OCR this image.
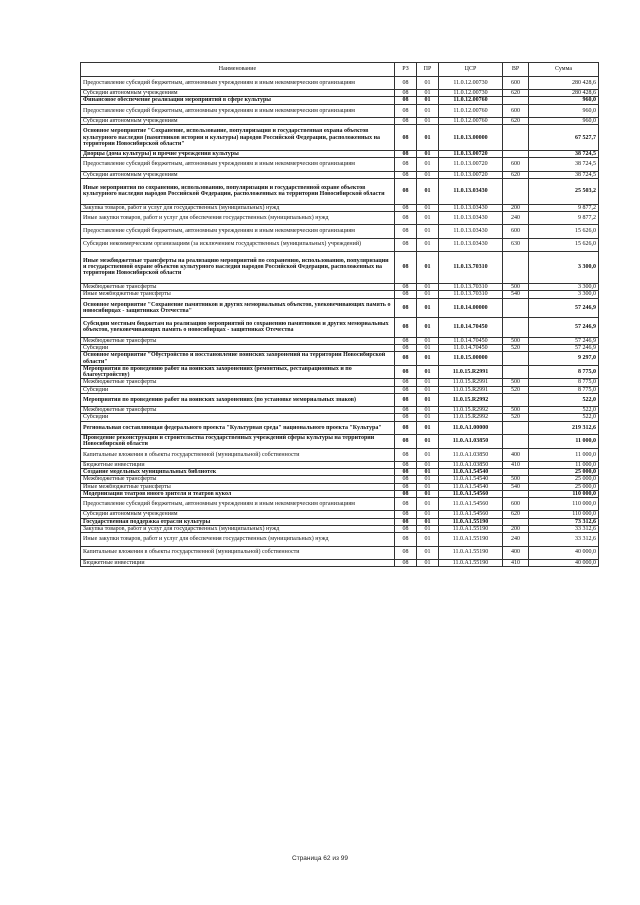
Наименование	РЗ	ПР	ЦСР	ВР	Сумма
Предоставление субсидий бюджетным, автономным учреждениям и иным некоммерческим организациям	08	01	11.0.12.00730	600	280 428,6
Субсидии автономным учреждениям	08	01	11.0.12.00730	620	280 428,6
Финансовое обеспечение реализации мероприятий в сфере культуры	08	01	11.0.12.00760		960,0
Предоставление субсидий бюджетным, автономным учреждениям и иным некоммерческим организациям	08	01	11.0.12.00760	600	960,0
Субсидии автономным учреждениям	08	01	11.0.12.00760	620	960,0
Основное мероприятие "Сохранение, использование, популяризация и государственная охрана объектов культурного наследия (памятников истории и культуры) народов Российской Федерации, расположенных на территории Новосибирской области"	08	01	11.0.13.00000		67 527,7
Дворцы (дома культуры) и прочие учреждения культуры	08	01	11.0.13.00720		38 724,5
Предоставление субсидий бюджетным, автономным учреждениям и иным некоммерческим организациям	08	01	11.0.13.00720	600	38 724,5
Субсидии автономным учреждениям	08	01	11.0.13.00720	620	38 724,5
Иные мероприятия по сохранению, использованию, популяризации и государственной охране объектов культурного наследия народов Российской Федерации, расположенных на территории Новосибирской области	08	01	11.0.13.03430		25 503,2
Закупка товаров, работ и услуг для государственных (муниципальных) нужд	08	01	11.0.13.03430	200	9 877,2
Иные закупки товаров, работ и услуг для обеспечения государственных (муниципальных) нужд	08	01	11.0.13.03430	240	9 877,2
Предоставление субсидий бюджетным, автономным учреждениям и иным некоммерческим организациям	08	01	11.0.13.03430	600	15 626,0
Субсидии некоммерческим организациям (за исключением государственных (муниципальных) учреждений)	08	01	11.0.13.03430	630	15 626,0
Иные межбюджетные трансферты на реализацию мероприятий по сохранению, использованию, популяризации и государственной охране объектов культурного наследия народов Российской Федерации, расположенных на территории Новосибирской области	08	01	11.0.13.70310		3 300,0
Межбюджетные трансферты	08	01	11.0.13.70310	500	3 300,0
Иные межбюджетные трансферты	08	01	11.0.13.70310	540	3 300,0
Основное мероприятие "Сохранение памятников и других мемориальных объектов, увековечивающих память о новосибирцах - защитниках Отечества"	08	01	11.0.14.00000		57 246,9
Субсидии местным бюджетам на реализацию мероприятий по сохранению памятников и других мемориальных объектов, увековечивающих память о новосибирцах - защитниках Отечества	08	01	11.0.14.70450		57 246,9
Межбюджетные трансферты	08	01	11.0.14.70450	500	57 246,9
Субсидии	08	01	11.0.14.70450	520	57 246,9
Основное мероприятие "Обустройство и восстановление воинских захоронений на территории Новосибирской области"	08	01	11.0.15.00000		9 297,0
Мероприятия по проведению работ на воинских захоронениях (ремонтных, реставрационных и по благоустройству)	08	01	11.0.15.R2991		8 775,0
Межбюджетные трансферты	08	01	11.0.15.R2991	500	8 775,0
Субсидии	08	01	11.0.15.R2991	520	8 775,0
Мероприятия по проведению работ на воинских захоронениях (по установке мемориальных знаков)	08	01	11.0.15.R2992		522,0
Межбюджетные трансферты	08	01	11.0.15.R2992	500	522,0
Субсидии	08	01	11.0.15.R2992	520	522,0
Региональная составляющая федерального проекта "Культурная среда" национального проекта "Культура"	08	01	11.0.A1.00000		219 312,6
Проведение реконструкции и строительства государственных учреждений сферы культуры на территории Новосибирской области	08	01	11.0.A1.03850		11 000,0
Капитальные вложения в объекты государственной (муниципальной) собственности	08	01	11.0.A1.03850	400	11 000,0
Бюджетные инвестиции	08	01	11.0.A1.03850	410	11 000,0
Создание модельных муниципальных библиотек	08	01	11.0.A1.54540		25 000,0
Межбюджетные трансферты	08	01	11.0.A1.54540	500	25 000,0
Иные межбюджетные трансферты	08	01	11.0.A1.54540	540	25 000,0
Модернизация театров юного зрителя и театров кукол	08	01	11.0.A1.54560		110 000,0
Предоставление субсидий бюджетным, автономным учреждениям и иным некоммерческим организациям	08	01	11.0.A1.54560	600	110 000,0
Субсидии автономным учреждениям	08	01	11.0.A1.54560	620	110 000,0
Государственная поддержка отрасли культуры	08	01	11.0.A1.55190		73 312,6
Закупка товаров, работ и услуг для государственных (муниципальных) нужд	08	01	11.0.A1.55190	200	33 312,6
Иные закупки товаров, работ и услуг для обеспечения государственных (муниципальных) нужд	08	01	11.0.A1.55190	240	33 312,6
Капитальные вложения в объекты государственной (муниципальной) собственности	08	01	11.0.A1.55190	400	40 000,0
Бюджетные инвестиции	08	01	11.0.A1.55190	410	40 000,0
Страница 62 из 99
